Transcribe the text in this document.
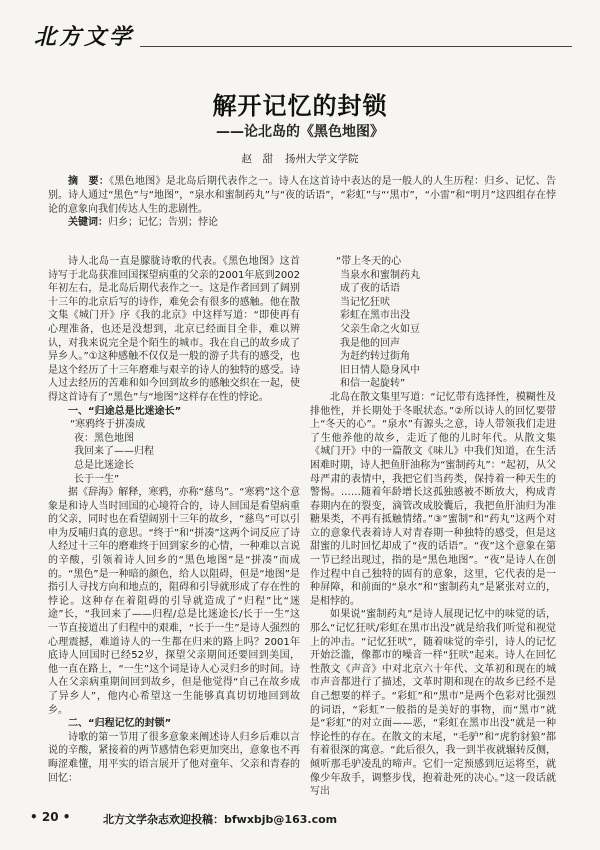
北方文学
解开记忆的封锁
——论北岛的《黑色地图》
赵　甜 扬州大学文学院

摘　要：《黑色地图》是北岛后期代表作之一。诗人在这首诗中表达的是一般人的人生历程：归乡、记忆、告别。诗人通过“黑色”与“地图”，“泉水和蜜制药丸”与“夜的话语”，“彩虹”与“‘黑市”，“小雷”和“明月”这四组存在悖论的意象向我们传达人生的悲剧性。

关键词：归乡；记忆；告别；悖论

诗人北岛一直是朦胧诗歌的代表。《黑色地图》这首诗写于北岛获准回国探望病重的父亲的2001年底到2002年初左右，是北岛后期代表作之一。这是作者回到了阔别十三年的北京后写的诗作，难免会有很多的感触。他在散文集《城门开》序《我的北京》中这样写道：“即使再有心理准备，也还是没想到，北京已经面目全非，难以辨认，对我来说完全是个陌生的城市。我在自己的故乡成了异乡人。”①这种感触不仅仅是一般的游子共有的感受，也是这个经历了十三年磨难与艰辛的诗人的独特的感受。诗人过去经历的苦难和如今回到故乡的感触交织在一起，使得这首诗有了“黑色”与“地图”这样存在性的悖论。

一、“归途总是比迷途长”
“寒鸦终于拼凑成
夜：黑色地图
我回来了——归程
总是比迷途长
长于一生”

据《辞海》解释，寒鸦，亦称“慈鸟”。“寒鸦”这个意象是和诗人当时回国的心境符合的，诗人回国是看望病重的父亲，同时也在看望阔别十三年的故乡，“慈鸟”可以引申为反哺归真的意思。“终于”和“拼凑”这两个词反应了诗人经过十三年的磨难终于回到家乡的心情，一种难以言说的辛酸，引领着诗人回乡的“黑色地图”是“拼凑”而成的。“黑色”是一种暗的颜色，给人以阻碍，但是“地图”是指引人寻找方向和地点的，阻碍和引导就形成了存在性的悖论。这种存在着阻碍的引导就造成了“归程”比“迷途”长，“我回来了——归程/总是比迷途长/长于一生”这一节直接道出了归程中的艰难，“长于一生”是诗人强烈的心理震撼，难道诗人的一生都在归来的路上吗？2001年底诗人回国时已经52岁，探望父亲期间还要回到美国，他一直在路上，“一生”这个词是诗人心灵归乡的时间。诗人在父亲病重期间回到故乡，但是他觉得“自己在故乡成了异乡人”，他内心希望这一生能够真真切切地回到故乡。

二、“归程记忆的封锁”

诗歌的第一节用了很多意象来阐述诗人归乡后难以言说的辛酸，紧接着的两节感情色彩更加突出，意象也不再晦涩难懂，用平实的语言展开了他对童年、父亲和青春的回忆：

“带上冬天的心
当泉水和蜜制药丸
成了夜的话语
当记忆狂吠
彩虹在黑市出没
父亲生命之火如豆
我是他的回声
为赶约转过街角
旧日情人隐身风中
和信一起旋转”

北岛在散文集里写道：“记忆带有选择性，模糊性及排他性，并长期处于冬眠状态。”②所以诗人的回忆要带上“冬天的心”。“泉水”有源头之意，诗人带领我们走进了生他养他的故乡，走近了他的儿时年代。从散文集《城门开》中的一篇散文《味儿》中我们知道，在生活困难时期，诗人把鱼肝油称为“蜜制药丸”：“起初，从父母严肃的表情中，我把它们当药类，保持着一种天生的警惕。……随着年龄增长这孤独感被不断放大，构成青春期内在的裂变，滴管改成胶囊后，我把鱼肝油归为准糖果类，不再有抵触情绪。”③“蜜制”和“药丸”这两个对立的意象代表着诗人对青春期一种独特的感受，但是这甜蜜的儿时回忆却成了“夜的话语”。“夜”这个意象在第一节已经出现过，指的是“黑色地图”。“夜”是诗人在创作过程中自己独特的固有的意象，这里，它代表的是一种屏障，和前面的“泉水”和“蜜制药丸”是紧张对立的，是相悖的。

如果说“蜜制药丸”是诗人展现记忆中的味觉的话，那么“记忆狂吠/彩虹在黑市出没”就是给我们听觉和视觉上的冲击。“记忆狂吠”，随着味觉的牵引，诗人的记忆开始泛滥，像都市的噪音一样“狂吠”起来。诗人在回忆性散文《声音》中对北京六十年代、文革初和现在的城市声音都进行了描述，文革时期和现在的故乡已经不是自己想要的样子。“彩虹”和“黑市”是两个色彩对比强烈的词语，“彩虹”一般指的是美好的事物，而“黑市”就是“彩虹”的对立面——恶，“彩虹在黑市出没”就是一种悖论性的存在。在散文的末尾，“毛驴”和“虎豹豺狼”都有着很深的寓意。“此后很久，我一到半夜就辗转反侧，倾听那毛驴凌乱的啼声。它们一定预感到厄运将至，就像少年敌手，调整步伐，抱着赴死的决心。”这一段话就写出

• 20 •	北方文学杂志欢迎投稿：bfwxbjb@163.com
